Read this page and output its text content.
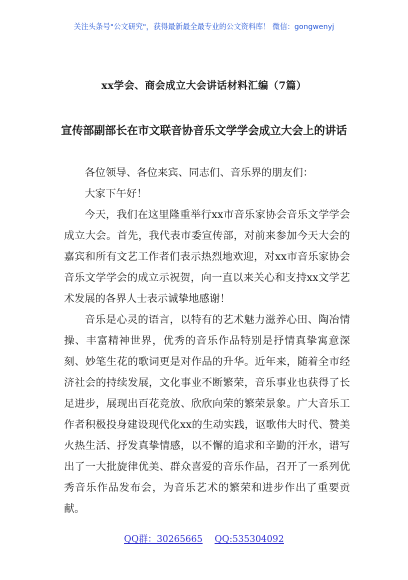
关注头条号"公文研究"，获得最新最全最专业的公文资料库！ 微信：gongwenyj
xx学会、商会成立大会讲话材料汇编（7篇）
宣传部副部长在市文联音协音乐文学学会成立大会上的讲话

各位领导、各位来宾、同志们、音乐界的朋友们：

大家下午好！

今天，我们在这里隆重举行xx市音乐家协会音乐文学学会成立大会。首先，我代表市委宣传部，对前来参加今天大会的嘉宾和所有文艺工作者们表示热烈地欢迎，对xx市音乐家协会音乐文学学会的成立示祝贺，向一直以来关心和支持xx文学艺术发展的各界人士表示诚挚地感谢！

音乐是心灵的语言，以特有的艺术魅力滋养心田、陶冶情操、丰富精神世界，优秀的音乐作品特别是抒情真挚寓意深刻、妙笔生花的歌词更是对作品的升华。近年来，随着全市经济社会的持续发展，文化事业不断繁荣，音乐事业也获得了长足进步，展现出百花竞放、欣欣向荣的繁荣景象。广大音乐工作者积极投身建设现代化xx的生动实践，讴歌伟大时代、赞美火热生活、抒发真挚情感，以不懈的追求和辛勤的汗水，谱写出了一大批旋律优美、群众喜爱的音乐作品，召开了一系列优秀音乐作品发布会，为音乐艺术的繁荣和进步作出了重要贡献。

QQ群：30265665 QQ:535304092
